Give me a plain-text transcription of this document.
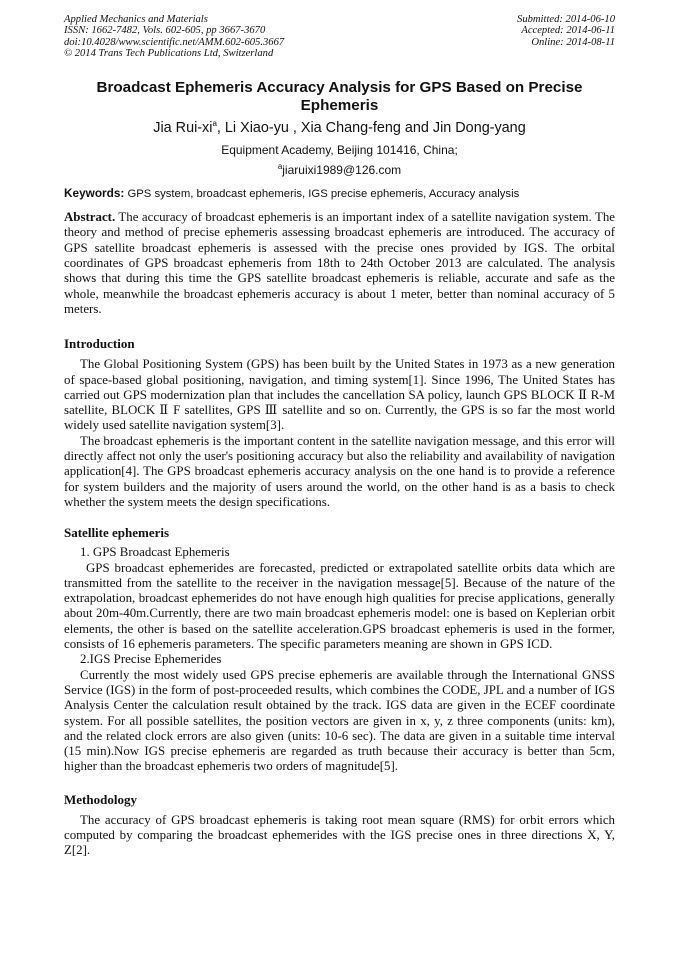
Applied Mechanics and Materials
ISSN: 1662-7482, Vols. 602-605, pp 3667-3670
doi:10.4028/www.scientific.net/AMM.602-605.3667
© 2014 Trans Tech Publications Ltd, Switzerland
Submitted: 2014-06-10
Accepted: 2014-06-11
Online: 2014-08-11
Broadcast Ephemeris Accuracy Analysis for GPS Based on Precise Ephemeris
Jia Rui-$xi^a$, Li Xiao-yu , Xia Chang-feng and Jin Dong-yang
Equipment Academy, Beijing 101416, China;
$^a$jiaruixi1989@126.com
Keywords: GPS system, broadcast ephemeris, IGS precise ephemeris, Accuracy analysis

Abstract. The accuracy of broadcast ephemeris is an important index of a satellite navigation system. The theory and method of precise ephemeris assessing broadcast ephemeris are introduced. The accuracy of GPS satellite broadcast ephemeris is assessed with the precise ones provided by IGS. The orbital coordinates of GPS broadcast ephemeris from 18th to 24th October 2013 are calculated. The analysis shows that during this time the GPS satellite broadcast ephemeris is reliable, accurate and safe as the whole, meanwhile the broadcast ephemeris accuracy is about 1 meter, better than nominal accuracy of 5 meters.

Introduction

The Global Positioning System (GPS) has been built by the United States in 1973 as a new generation of space-based global positioning, navigation, and timing system[1]. Since 1996, The United States has carried out GPS modernization plan that includes the cancellation SA policy, launch GPS BLOCK Ⅱ R-M satellite, BLOCK Ⅱ F satellites, GPS Ⅲ satellite and so on. Currently, the GPS is so far the most world widely used satellite navigation system[3].

The broadcast ephemeris is the important content in the satellite navigation message, and this error will directly affect not only the user's positioning accuracy but also the reliability and availability of navigation application[4]. The GPS broadcast ephemeris accuracy analysis on the one hand is to provide a reference for system builders and the majority of users around the world, on the other hand is as a basis to check whether the system meets the design specifications.

Satellite ephemeris

1. GPS Broadcast Ephemeris

GPS broadcast ephemerides are forecasted, predicted or extrapolated satellite orbits data which are transmitted from the satellite to the receiver in the navigation message[5]. Because of the nature of the extrapolation, broadcast ephemerides do not have enough high qualities for precise applications, generally about 20m-40m.Currently, there are two main broadcast ephemeris model: one is based on Keplerian orbit elements, the other is based on the satellite acceleration.GPS broadcast ephemeris is used in the former, consists of 16 ephemeris parameters. The specific parameters meaning are shown in GPS ICD.

2.IGS Precise Ephemerides

Currently the most widely used GPS precise ephemeris are available through the International GNSS Service (IGS) in the form of post-proceeded results, which combines the CODE, JPL and a number of IGS Analysis Center the calculation result obtained by the track. IGS data are given in the ECEF coordinate system. For all possible satellites, the position vectors are given in x, y, z three components (units: km), and the related clock errors are also given (units: 10-6 sec). The data are given in a suitable time interval (15 min).Now IGS precise ephemeris are regarded as truth because their accuracy is better than 5cm, higher than the broadcast ephemeris two orders of magnitude[5].

Methodology

The accuracy of GPS broadcast ephemeris is taking root mean square (RMS) for orbit errors which computed by comparing the broadcast ephemerides with the IGS precise ones in three directions X, Y, Z[2].
